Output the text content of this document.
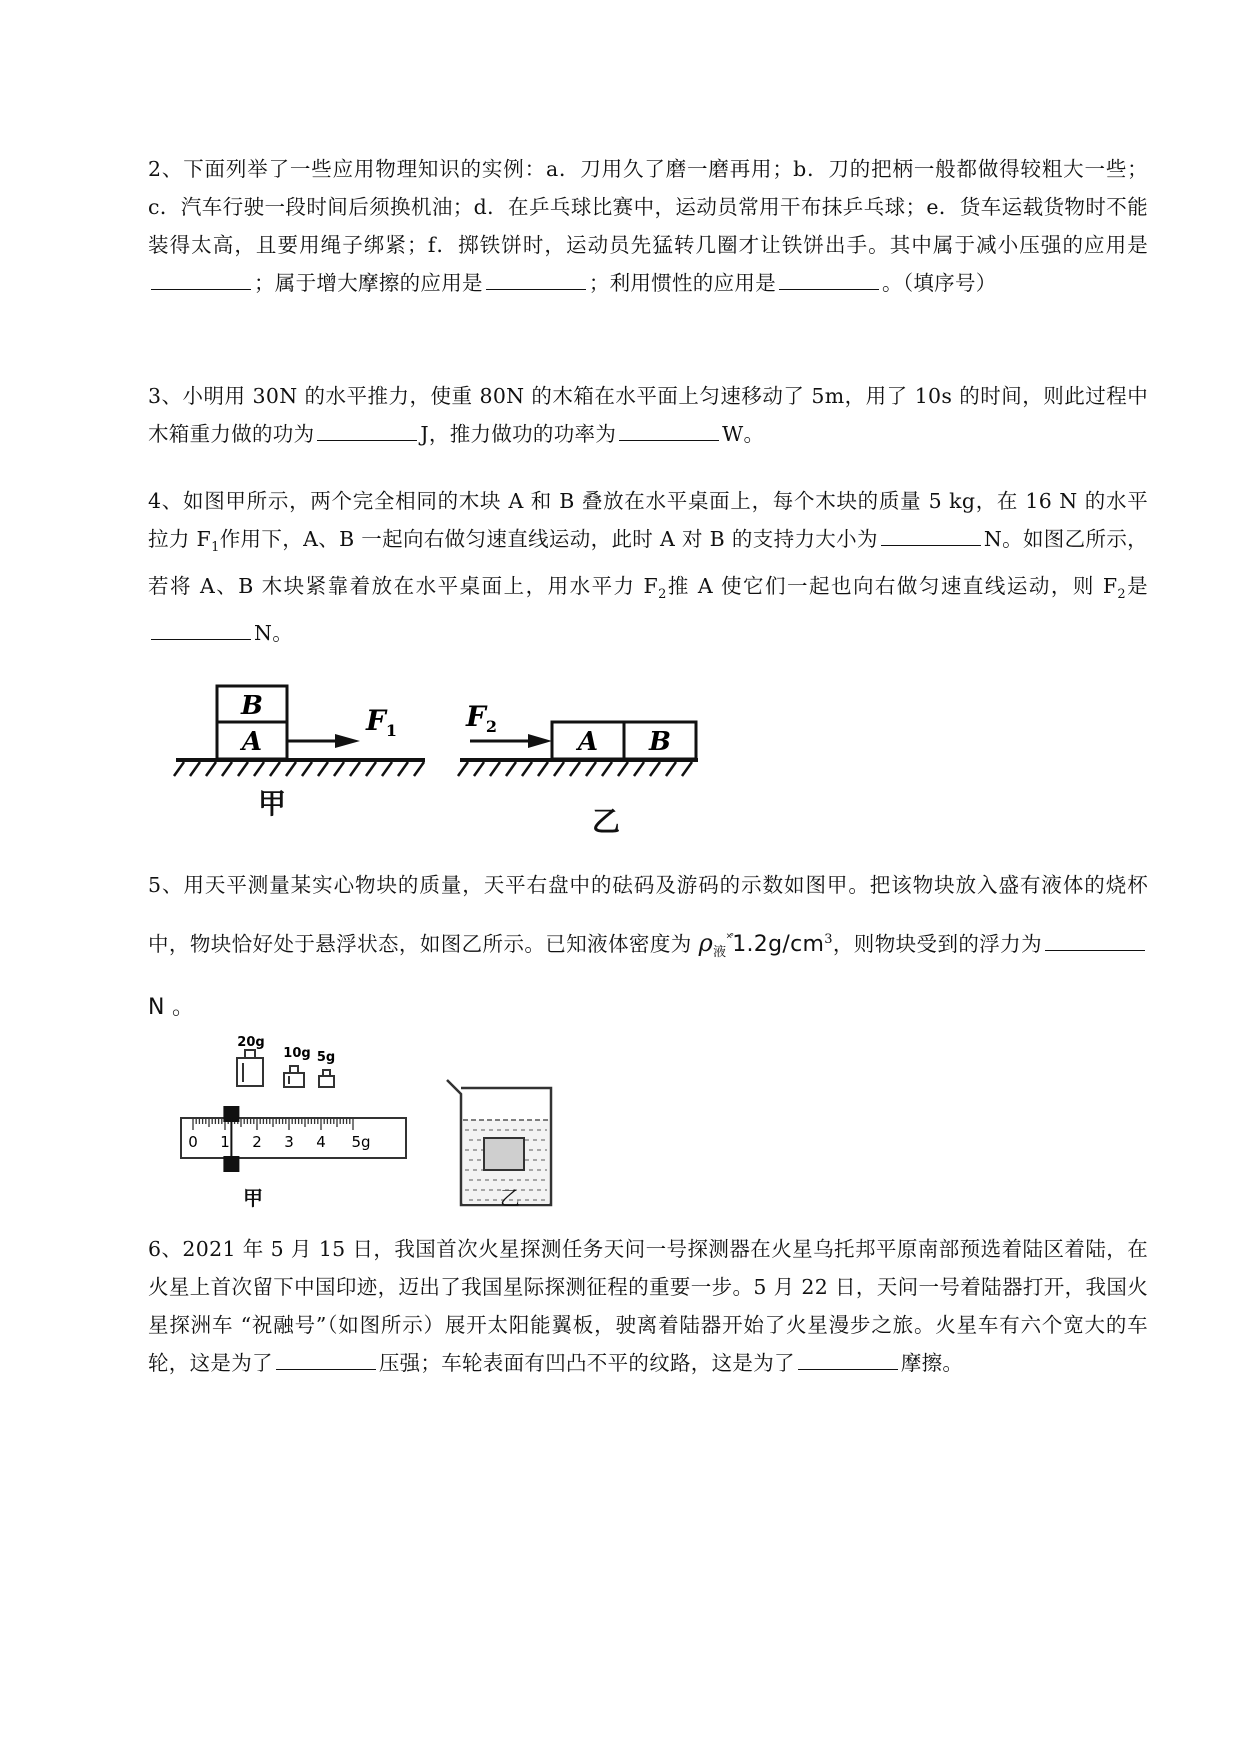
2、下面列举了一些应用物理知识的实例：a．刀用久了磨一磨再用；b．刀的把柄一般都做得较粗大一些；c．汽车行驶一段时间后须换机油；d．在乒乓球比赛中，运动员常用干布抹乒乓球；e．货车运载货物时不能装得太高，且要用绳子绑紧；f．掷铁饼时，运动员先猛转几圈才让铁饼出手。其中属于减小压强的应用是；属于增大摩擦的应用是	；利用惯性的应用是	。（填序号）
3、小明用 30N 的水平推力，使重 80N 的木箱在水平面上匀速移动了 5m，用了 10s 的时间，则此过程中木箱重力做的功为	J，推力做功的功率为	W。
4、如图甲所示，两个完全相同的木块 A 和 B 叠放在水平桌面上，每个木块的质量 5 kg，在 16 N 的水平拉力 $F_1$作用下，A、B 一起向右做匀速直线运动，此时 A 对 B 的支持力大小为	N。如图乙所示，若将 A、B 木块紧靠着放在水平桌面上，用水平力 $F_2$推 A 使它们一起也向右做匀速直线运动，则 $F_2$是N。
B
A
$F_1$	A B
$F_2$
甲
乙
5、用天平测量某实心物块的质量，天平右盘中的砝码及游码的示数如图甲。把该物块放入盛有液体的烧杯中，物块恰好处于悬浮状态，如图乙所示。已知液体密度为 $\rho_液^{˟̊}1.2g/cm^3$，则物块受到的浮力为N 。
20g
10g 5g
0 1 2 3 4 5g
甲	乙
6、2021 年 5 月 15 日，我国首次火星探测任务天问一号探测器在火星乌托邦平原南部预选着陆区着陆，在火星上首次留下中国印迹，迈出了我国星际探测征程的重要一步。5 月 22 日，天问一号着陆器打开，我国火星探洲车 “祝融号”（如图所示）展开太阳能翼板，驶离着陆器开始了火星漫步之旅。火星车有六个宽大的车轮，这是为了	压强；车轮表面有凹凸不平的纹路，这是为了	摩擦。
